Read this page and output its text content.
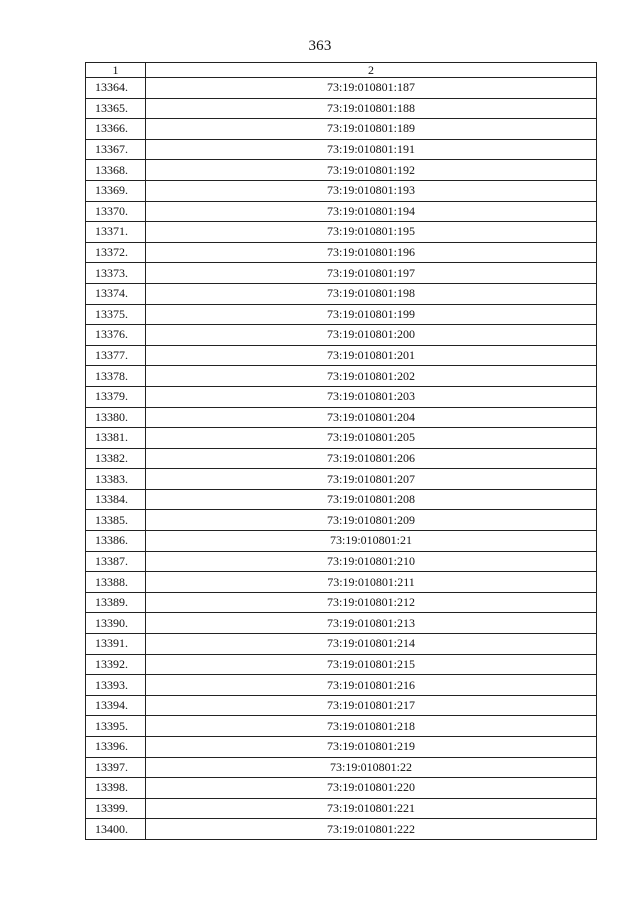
363
1	2
13364.	73:19:010801:187
13365.	73:19:010801:188
13366.	73:19:010801:189
13367.	73:19:010801:191
13368.	73:19:010801:192
13369.	73:19:010801:193
13370.	73:19:010801:194
13371.	73:19:010801:195
13372.	73:19:010801:196
13373.	73:19:010801:197
13374.	73:19:010801:198
13375.	73:19:010801:199
13376.	73:19:010801:200
13377.	73:19:010801:201
13378.	73:19:010801:202
13379.	73:19:010801:203
13380.	73:19:010801:204
13381.	73:19:010801:205
13382.	73:19:010801:206
13383.	73:19:010801:207
13384.	73:19:010801:208
13385.	73:19:010801:209
13386.	73:19:010801:21
13387.	73:19:010801:210
13388.	73:19:010801:211
13389.	73:19:010801:212
13390.	73:19:010801:213
13391.	73:19:010801:214
13392.	73:19:010801:215
13393.	73:19:010801:216
13394.	73:19:010801:217
13395.	73:19:010801:218
13396.	73:19:010801:219
13397.	73:19:010801:22
13398.	73:19:010801:220
13399.	73:19:010801:221
13400.	73:19:010801:222
